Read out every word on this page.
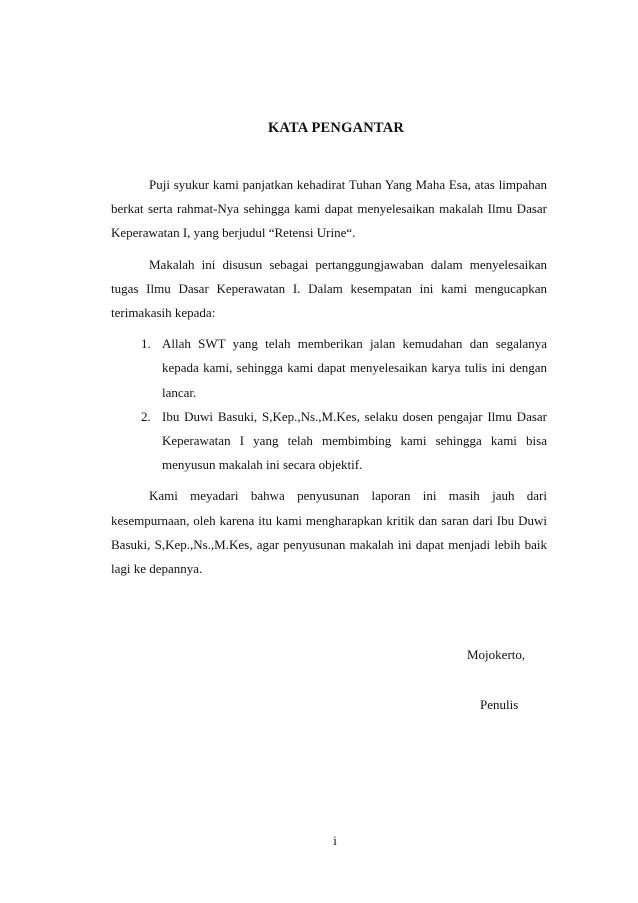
KATA PENGANTAR

Puji syukur kami panjatkan kehadirat Tuhan Yang Maha Esa, atas limpahan berkat serta rahmat-Nya sehingga kami dapat menyelesaikan makalah Ilmu Dasar Keperawatan I, yang berjudul “Retensi Urine“.

Makalah ini disusun sebagai pertanggungjawaban dalam menyelesaikan tugas Ilmu Dasar Keperawatan I. Dalam kesempatan ini kami mengucapkan terimakasih kepada:

1. Allah SWT yang telah memberikan jalan kemudahan dan segalanya kepada kami, sehingga kami dapat menyelesaikan karya tulis ini dengan lancar.
2. Ibu Duwi Basuki, S,Kep.,Ns.,M.Kes, selaku dosen pengajar Ilmu Dasar Keperawatan I yang telah membimbing kami sehingga kami bisa menyusun makalah ini secara objektif.

Kami meyadari bahwa penyusunan laporan ini masih jauh dari kesempurnaan, oleh karena itu kami mengharapkan kritik dan saran dari Ibu Duwi Basuki, S,Kep.,Ns.,M.Kes, agar penyusunan makalah ini dapat menjadi lebih baik lagi ke depannya.

Mojokerto,
Penulis
i
